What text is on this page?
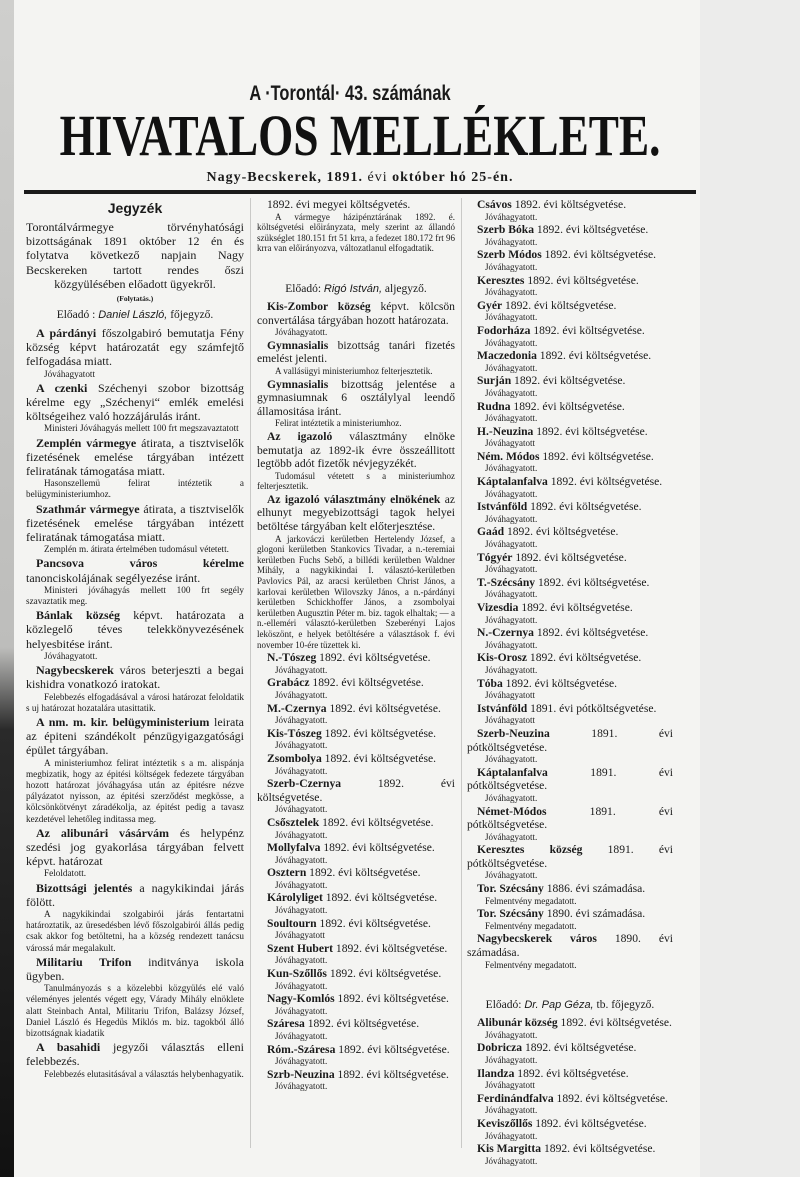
A ·Torontál· 43. számának
HIVATALOS MELLÉKLETE.
Nagy-Becskerek, 1891. évi október hó 25-én.
Jegyzék
Torontálvármegye törvényhatósági bizottságának 1891 október 12 én és folytatva következő napjain Nagy Becskereken tartott rendes őszi közgyülésében előadott ügyekről.
(Folytatás.)
Előadó : Daniel László, főjegyző.

A párdányi főszolgabiró bemutatja Fény község képvt határozatát egy számfejtő felfogadása miatt.

Jóváhagyatott

A czenki Széchenyi szobor bizottság kérelme egy „Széchenyi“ emlék emelési költségeihez való hozzájárulás iránt.

Ministeri Jóváhagyás mellett 100 frt megszavaztatott

Zemplén vármegye átirata, a tisztviselők fizetésének emelése tárgyában intézett feliratának támogatása miatt.

Hasonszellemü felirat intéztetik a belügyministeriumhoz.

Szathmár vármegye átirata, a tisztviselők fizetésének emelése tárgyában intézett feliratának támogatása miatt.

Zemplén m. átirata értelmében tudomásul vétetett.

Pancsova város kérelme tanonciskolájának segélyezése iránt.

Ministeri jóváhagyás mellett 100 frt segély szavaztatik meg.

Bánlak község képvt. határozata a közlegelő téves telekkönyvezésének helyesbitése iránt.

Jóváhagyatott.

Nagybecskerek város beterjeszti a begai kishidra vonatkozó iratokat.

Felebbezés elfogadásával a városi határozat feloldatik s uj határozat hozatalára utasittatik.

A nm. m. kir. belügyministerium leirata az épiteni szándékolt pénzügyigazgatósági épület tárgyában.

A ministeriumhoz felirat intéztetik s a m. alispánja megbizatik, hogy az épitési költségek fedezete tárgyában hozott határozat jóváhagyása után az épitésre nézve pályázatot nyisson, az épitési szerződést megkösse, a kölcsönkötvényt záradékolja, az épitést pedig a tavasz kezdetével lehetőleg inditassa meg.

Az alibunári vásárvám és helypénz szedési jog gyakorlása tárgyában felvett képvt. határozat

Feloldatott.

Bizottsági jelentés a nagykikindai járás fölött.

A nagykikindai szolgabirói járás fentartatni határoztatik, az üresedésben lévő főszolgabirói állás pedig csak akkor fog betöltetni, ha a község rendezett tanácsu várossá már megalakult.

Militariu Trifon inditványa iskola ügyben.

Tanulmányozás s a közelebbi közgyülés elé való véleményes jelentés végett egy, Várady Mihály elnöklete alatt Steinbach Antal, Militariu Trifon, Balázsy József, Daniel László és Hegedüs Miklós m. biz. tagokból álló bizottságnak kiadatik

A basahidi jegyzői választás elleni felebbezés.

Felebbezés elutasitásával a választás helybenhagyatik.

1892. évi megyei költségvetés.

A vármegye házipénztárának 1892. é. költségvetési előirányzata, mely szerint az állandó szükséglet 180.151 frt 51 krra, a fedezet 180.172 frt 96 krra van előirányozva, változatlanul elfogadtatik.

Előadó: Rigó István, aljegyző.

Kis-Zombor község képvt. kölcsön convertálása tárgyában hozott határozata.

Jóváhagyatott.

Gymnasialis bizottság tanári fizetés emelést jelenti.

A vallásügyi ministeriumhoz felterjesztetik.

Gymnasialis bizottság jelentése a gymnasiumnak 6 osztálylyal leendő államositása iránt.

Felirat intéztetik a ministeriumhoz.

Az igazoló választmány elnöke bemutatja az 1892-ik évre összeállitott legtöbb adót fizetők névjegyzékét.

Tudomásul vétetett s a ministeriumhoz felterjesztetik.

Az igazoló választmány elnökének az elhunyt megyebizottsági tagok helyei betöltése tárgyában kelt előterjesztése.

A jarkováczi kerületben Hertelendy József, a glogoni kerületben Stankovics Tivadar, a n.-teremiai kerületben Fuchs Sebő, a billédi kerületben Waldner Mihály, a nagykikindai I. választó-kerületben Pavlovics Pál, az aracsi kerületben Christ János, a karlovai kerületben Wilovszky János, a n.-párdányi kerületben Schickhoffer János, a zsombolyai kerületben Augusztin Péter m. biz. tagok elhaltak; — a n.-elleméri választó-kerületben Szeberényi Lajos leköszönt, e helyek betöltésére a választások f. évi november 10-ére tüzettek ki.

N.-Tószeg 1892. évi költségvetése.

Jóváhagyatott.

Grabácz 1892. évi költségvetése.

Jóváhagyatott.

M.-Czernya 1892. évi költségvetése.

Jóváhagyatott.

Kis-Tószeg 1892. évi költségvetése.

Jóváhagyatott.

Zsombolya 1892. évi költségvetése.

Jóváhagyatott.

Szerb-Czernya 1892. évi költségvetése.

Jóváhagyatott.

Csősztelek 1892. évi költségvetése.

Jóváhagyatott.

Mollyfalva 1892. évi költségvetése.

Jóváhagyatott.

Osztern 1892. évi költségvetése.

Jóváhagyatott.

Károlyliget 1892. évi költségvetése.

Jóváhagyatott.

Soultourn 1892. évi költségvetése.

Jóváhagyatott

Szent Hubert 1892. évi költségvetése.

Jóváhagyatott.

Kun-Szőllős 1892. évi költségvetése.

Jóváhagyatott.

Nagy-Komlós 1892. évi költségvetése.

Jóváhagyatott.

Száresa 1892. évi költségvetése.

Jóváhagyatott.

Róm.-Száresa 1892. évi költségvetése.

Jóváhagyatott.

Szrb-Neuzina 1892. évi költségvetése.

Jóváhagyatott.

Csávos 1892. évi költségvetése.

Jóváhagyatott.

Szerb Bóka 1892. évi költségvetése.

Jóváhagyatott.

Szerb Módos 1892. évi költségvetése.

Jóváhagyatott.

Keresztes 1892. évi költségvetése.

Jóváhagyatott.

Gyér 1892. évi költségvetése.

Jóváhagyatott.

Fodorháza 1892. évi költségvetése.

Jóváhagyatott.

Maczedonia 1892. évi költségvetése.

Jóváhagyatott.

Surján 1892. évi költségvetése.

Jóváhagyatott.

Rudna 1892. évi költségvetése.

Jóváhagyatott.

H.-Neuzina 1892. évi költségvetése.

Jóváhagyatott

Ném. Módos 1892. évi költségvetése.

Jóváhagyatott.

Káptalanfalva 1892. évi költségvetése.

Jóváhagyatott.

Istvánföld 1892. évi költségvetése.

Jóváhagyatott.

Gaád 1892. évi költségvetése.

Jóváhagyatott.

Tógyér 1892. évi költségvetése.

Jóváhagyatott.

T.-Szécsány 1892. évi költségvetése.

Jóváhagyatott.

Vizesdia 1892. évi költségvetése.

Jóváhagyatott.

N.-Czernya 1892. évi költségvetése.

Jóváhagyatott.

Kis-Orosz 1892. évi költségvetése.

Jóváhagyatott.

Tóba 1892. évi költségvetése.

Jóváhagyatott

Istvánföld 1891. évi pótköltségvetése.

Jóváhagyatott

Szerb-Neuzina 1891. évi pótköltségvetése.

Jóváhagyatott.

Káptalanfalva 1891. évi pótköltségvetése.

Jóváhagyatott.

Német-Módos 1891. évi pótköltségvetése.

Jóváhagyatott.

Keresztes község 1891. évi pótköltségvetése.

Jóváhagyatott.

Tor. Szécsány 1886. évi számadása.

Felmentvény megadatott.

Tor. Szécsány 1890. évi számadása.

Felmentvény megadatott.

Nagybecskerek város 1890. évi számadása.

Felmentvény megadatott.

Előadó: Dr. Pap Géza, tb. főjegyző.

Alibunár község 1892. évi költségvetése.

Jóváhagyatott.

Dobricza 1892. évi költségvetése.

Jóváhagyatott.

Ilandza 1892. évi költségvetése.

Jóváhagyatott

Ferdinándfalva 1892. évi költségvetése.

Jóváhagyatott.

Keviszőllős 1892. évi költségvetése.

Jóváhagyatott.

Kis Margitta 1892. évi költségvetése.

Jóváhagyatott.
